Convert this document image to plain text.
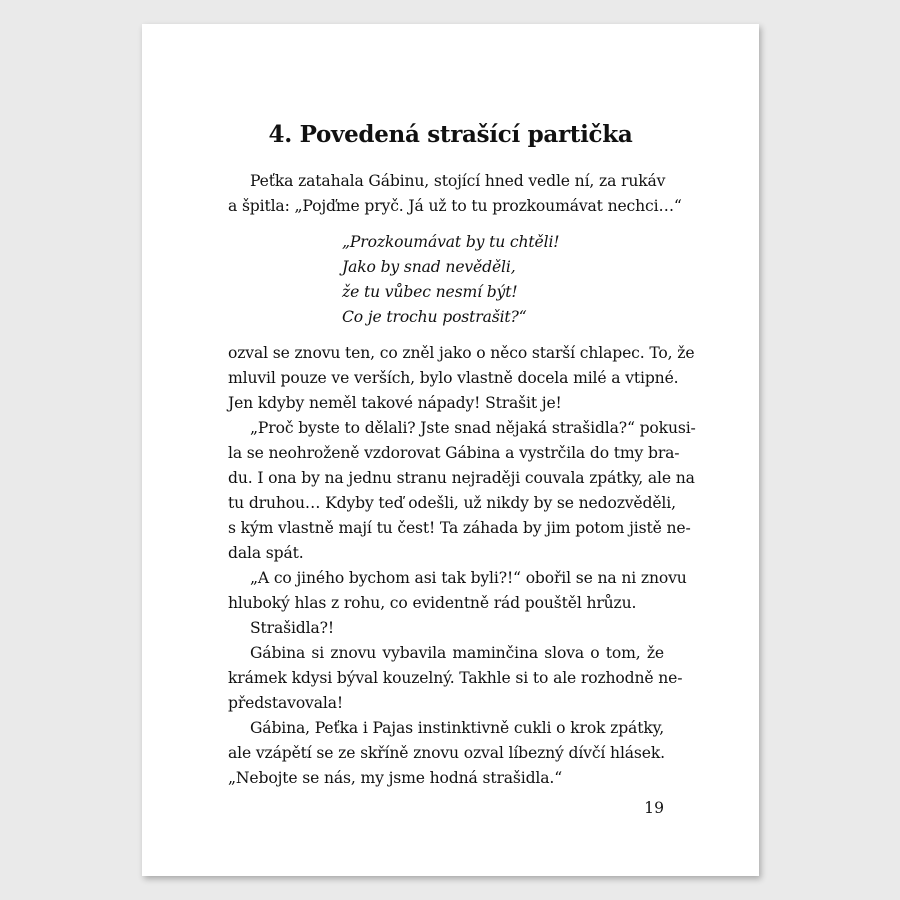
4. Povedená strašící partička
Peťka zatahala Gábinu, stojící hned vedle ní, za rukáv
a špitla: „Pojďme pryč. Já už to tu prozkoumávat nechci…“
„Prozkoumávat by tu chtěli!
Jako by snad nevěděli,
že tu vůbec nesmí být!
Co je trochu postrašit?“
ozval se znovu ten, co zněl jako o něco starší chlapec. To, že
mluvil pouze ve verších, bylo vlastně docela milé a vtipné.
Jen kdyby neměl takové nápady! Strašit je!
„Proč byste to dělali? Jste snad nějaká strašidla?“ pokusi-
la se neohroženě vzdorovat Gábina a vystrčila do tmy bra-
du. I ona by na jednu stranu nejraději couvala zpátky, ale na
tu druhou… Kdyby teď odešli, už nikdy by se nedozvěděli,
s kým vlastně mají tu čest! Ta záhada by jim potom jistě ne-
dala spát.
„A co jiného bychom asi tak byli?!“ obořil se na ni znovu
hluboký hlas z rohu, co evidentně rád pouštěl hrůzu.
Strašidla?!
Gábina si znovu vybavila maminčina slova o tom, že
krámek kdysi býval kouzelný. Takhle si to ale rozhodně ne-
představovala!
Gábina, Peťka i Pajas instinktivně cukli o krok zpátky,
ale vzápětí se ze skříně znovu ozval líbezný dívčí hlásek.
„Nebojte se nás, my jsme hodná strašidla.“
19
